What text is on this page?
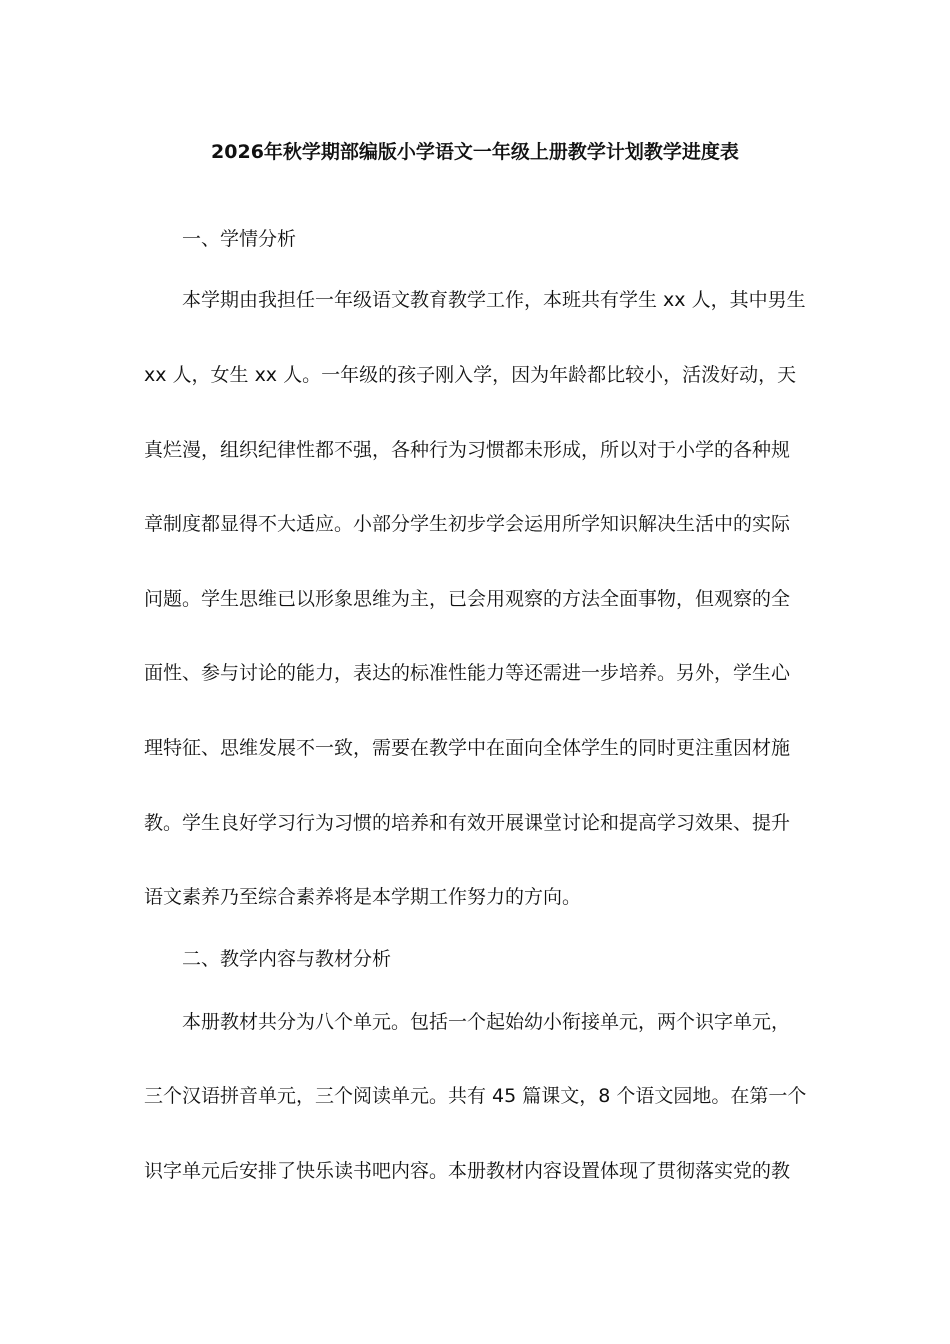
2026年秋学期部编版小学语文一年级上册教学计划教学进度表

一、学情分析

本学期由我担任一年级语文教育教学工作，本班共有学生 xx 人，其中男生

xx 人，女生 xx 人。一年级的孩子刚入学，因为年龄都比较小，活泼好动，天

真烂漫，组织纪律性都不强，各种行为习惯都未形成，所以对于小学的各种规

章制度都显得不大适应。小部分学生初步学会运用所学知识解决生活中的实际

问题。学生思维已以形象思维为主，已会用观察的方法全面事物，但观察的全

面性、参与讨论的能力，表达的标准性能力等还需进一步培养。另外，学生心

理特征、思维发展不一致，需要在教学中在面向全体学生的同时更注重因材施

教。学生良好学习行为习惯的培养和有效开展课堂讨论和提高学习效果、提升

语文素养乃至综合素养将是本学期工作努力的方向。

二、教学内容与教材分析

本册教材共分为八个单元。包括一个起始幼小衔接单元，两个识字单元，

三个汉语拼音单元，三个阅读单元。共有 45 篇课文，8 个语文园地。在第一个

识字单元后安排了快乐读书吧内容。本册教材内容设置体现了贯彻落实党的教
